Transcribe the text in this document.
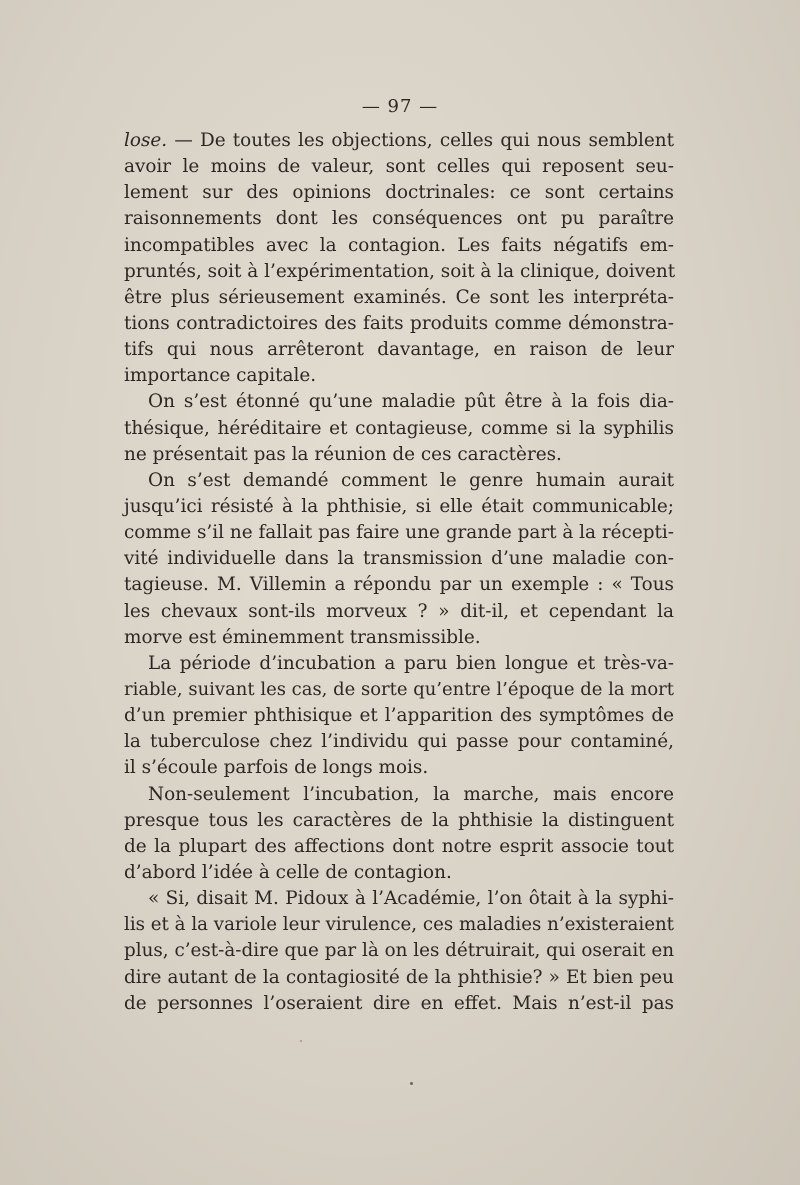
— 97 —
lose. — De toutes les objections, celles qui nous semblent
avoir le moins de valeur, sont celles qui reposent seu-
lement sur des opinions doctrinales: ce sont certains
raisonnements dont les conséquences ont pu paraître
incompatibles avec la contagion. Les faits négatifs em-
pruntés, soit à l’expérimentation, soit à la clinique, doivent
être plus sérieusement examinés. Ce sont les interpréta-
tions contradictoires des faits produits comme démonstra-
tifs qui nous arrêteront davantage, en raison de leur
importance capitale.
On s’est étonné qu’une maladie pût être à la fois dia-
thésique, héréditaire et contagieuse, comme si la syphilis
ne présentait pas la réunion de ces caractères.
On s’est demandé comment le genre humain aurait
jusqu’ici résisté à la phthisie, si elle était communicable;
comme s’il ne fallait pas faire une grande part à la récepti-
vité individuelle dans la transmission d’une maladie con-
tagieuse. M. Villemin a répondu par un exemple : « Tous
les chevaux sont-ils morveux ? » dit-il, et cependant la
morve est éminemment transmissible.
La période d’incubation a paru bien longue et très-va-
riable, suivant les cas, de sorte qu’entre l’époque de la mort
d’un premier phthisique et l’apparition des symptômes de
la tuberculose chez l’individu qui passe pour contaminé,
il s’écoule parfois de longs mois.
Non-seulement l’incubation, la marche, mais encore
presque tous les caractères de la phthisie la distinguent
de la plupart des affections dont notre esprit associe tout
d’abord l’idée à celle de contagion.
« Si, disait M. Pidoux à l’Académie, l’on ôtait à la syphi-
lis et à la variole leur virulence, ces maladies n’existeraient
plus, c’est-à-dire que par là on les détruirait, qui oserait en
dire autant de la contagiosité de la phthisie? » Et bien peu
de personnes l’oseraient dire en effet. Mais n’est-il pas
